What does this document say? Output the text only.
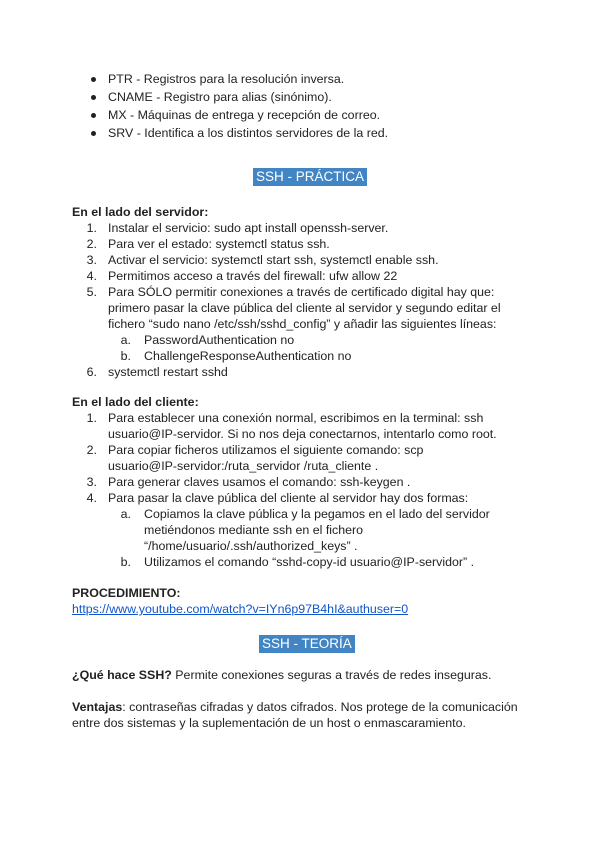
PTR - Registros para la resolución inversa.
CNAME - Registro para alias (sinónimo).
MX - Máquinas de entrega y recepción de correo.
SRV - Identifica a los distintos servidores de la red.
SSH - PRÁCTICA
En el lado del servidor:
1. Instalar el servicio: sudo apt install openssh-server.
2. Para ver el estado: systemctl status ssh.
3. Activar el servicio: systemctl start ssh, systemctl enable ssh.
4. Permitimos acceso a través del firewall: ufw allow 22
5. Para SÓLO permitir conexiones a través de certificado digital hay que:
primero pasar la clave pública del cliente al servidor y segundo editar el
fichero “sudo nano /etc/ssh/sshd_config” y añadir las siguientes líneas:
a. PasswordAuthentication no
b. ChallengeResponseAuthentication no
6. systemctl restart sshd
En el lado del cliente:
1. Para establecer una conexión normal, escribimos en la terminal: ssh
usuario@IP-servidor. Si no nos deja conectarnos, intentarlo como root.
2. Para copiar ficheros utilizamos el siguiente comando: scp
usuario@IP-servidor:/ruta_servidor /ruta_cliente .
3. Para generar claves usamos el comando: ssh-keygen .
4. Para pasar la clave pública del cliente al servidor hay dos formas:
a. Copiamos la clave pública y la pegamos en el lado del servidor
metiéndonos mediante ssh en el fichero
“/home/usuario/.ssh/authorized_keys” .
b. Utilizamos el comando “sshd-copy-id usuario@IP-servidor” .
PROCEDIMIENTO:
https://www.youtube.com/watch?v=IYn6p97B4hI&authuser=0
SSH - TEORÍA
¿Qué hace SSH? Permite conexiones seguras a través de redes inseguras.
Ventajas: contraseñas cifradas y datos cifrados. Nos protege de la comunicación
entre dos sistemas y la suplementación de un host o enmascaramiento.
